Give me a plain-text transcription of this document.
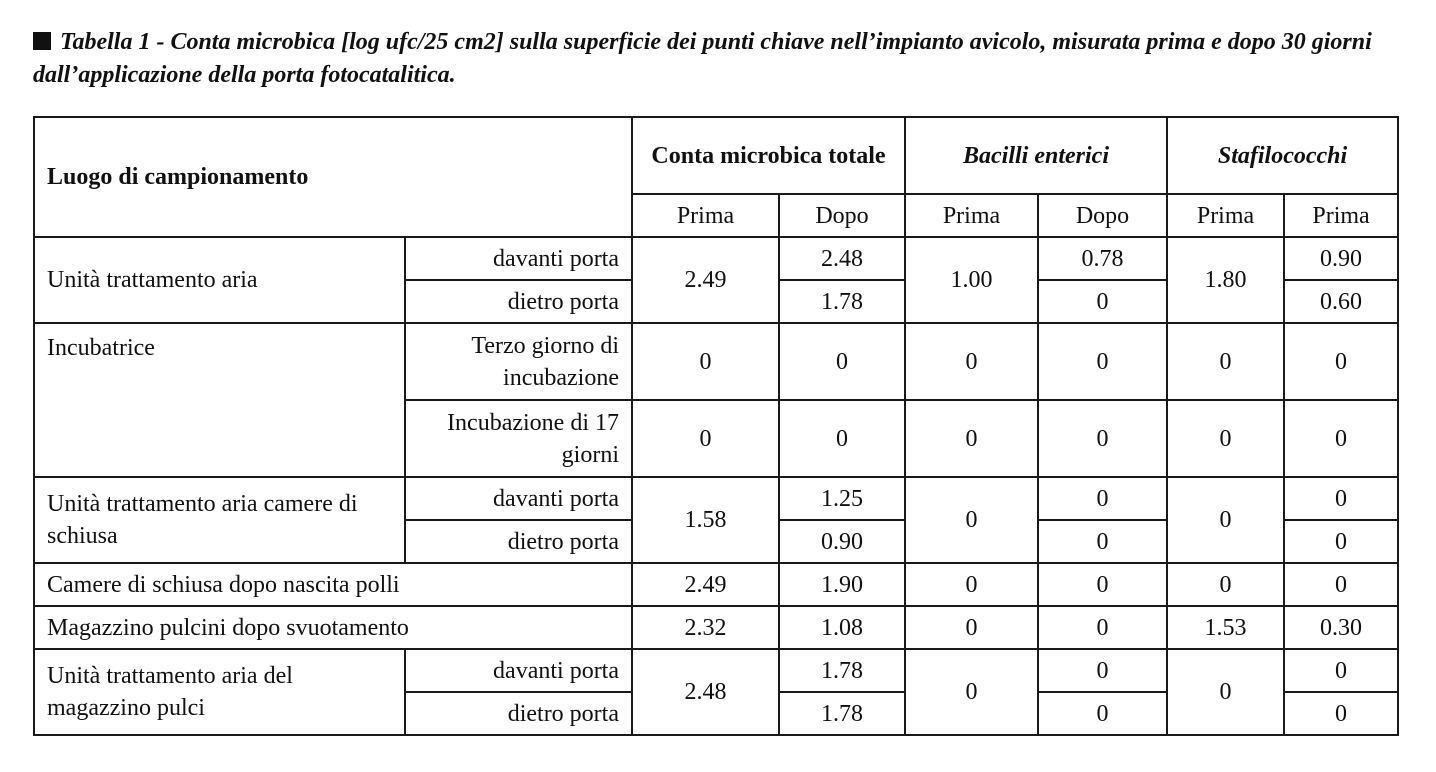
Tabella 1 - Conta microbica [log ufc/25 cm2] sulla superficie dei punti chiave nell’impianto avicolo, misurata prima e dopo 30 giorni dall’applicazione della porta fotocatalitica.

Luogo di campionamento		Conta microbica totale		Bacilli enterici		Stafilococchi	
		Prima	Dopo	Prima	Dopo	Prima	Prima
Unità trattamento aria	davanti porta	2.49	2.48	1.00	0.78	1.80	0.90
	dietro porta		1.78		0		0.60
Incubatrice	Terzo giorno di incubazione	0	0	0	0	0	0
	Incubazione di 17 giorni	0	0	0	0	0	0
Unità trattamento aria camere di schiusa	davanti porta	1.58	1.25	0	0	0	0
	dietro porta		0.90		0		0
Camere di schiusa dopo nascita polli		2.49	1.90	0	0	0	0
Magazzino pulcini dopo svuotamento		2.32	1.08	0	0	1.53	0.30
Unità trattamento aria del magazzino pulci	davanti porta	2.48	1.78	0	0	0	0
	dietro porta		1.78		0		0
